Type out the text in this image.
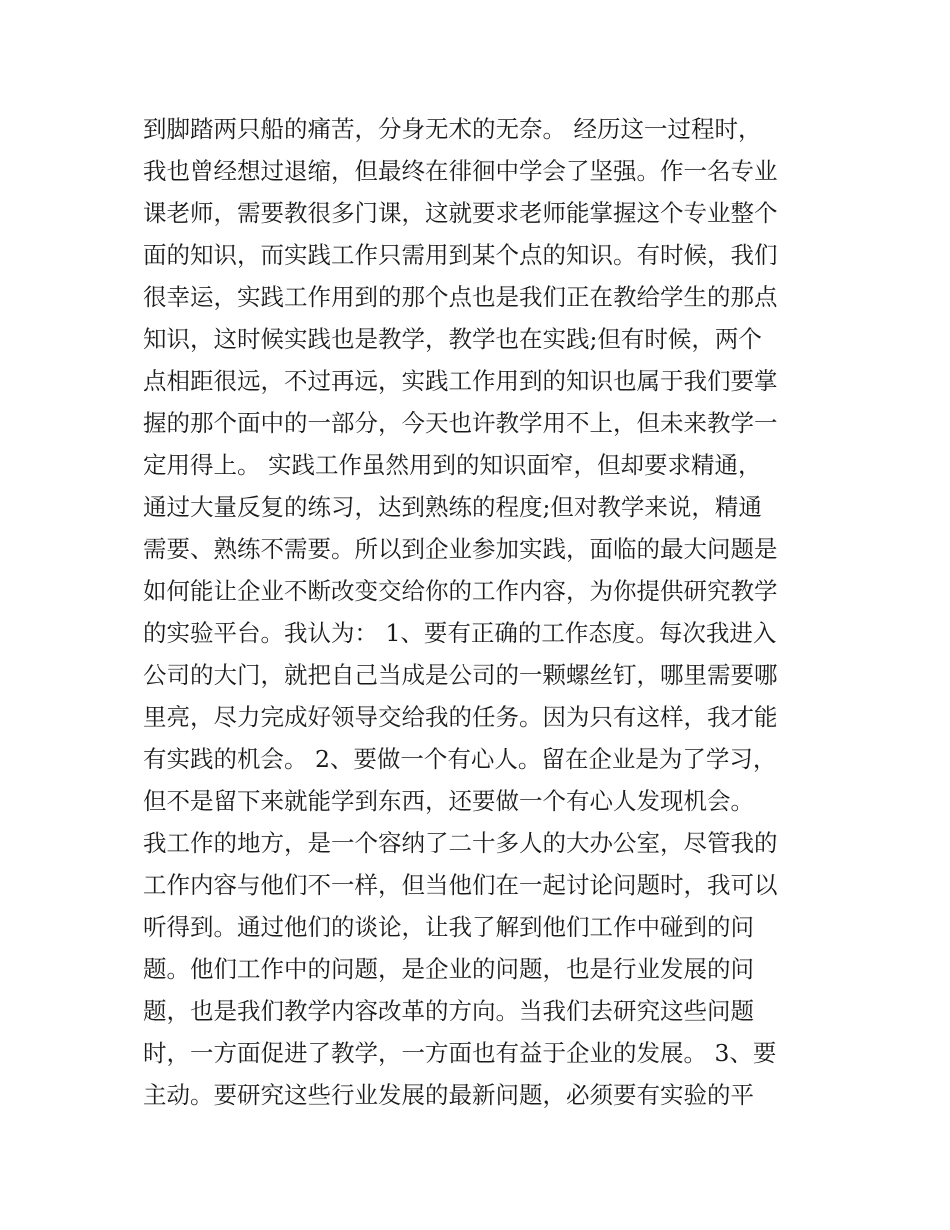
到脚踏两只船的痛苦，分身无术的无奈。 经历这一过程时，
我也曾经想过退缩，但最终在徘徊中学会了坚强。作一名专业
课老师，需要教很多门课，这就要求老师能掌握这个专业整个
面的知识，而实践工作只需用到某个点的知识。有时候，我们
很幸运，实践工作用到的那个点也是我们正在教给学生的那点
知识，这时候实践也是教学，教学也在实践;但有时候，两个
点相距很远，不过再远，实践工作用到的知识也属于我们要掌
握的那个面中的一部分，今天也许教学用不上，但未来教学一
定用得上。 实践工作虽然用到的知识面窄，但却要求精通，
通过大量反复的练习，达到熟练的程度;但对教学来说，精通
需要、熟练不需要。所以到企业参加实践，面临的最大问题是
如何能让企业不断改变交给你的工作内容，为你提供研究教学
的实验平台。我认为： 1、要有正确的工作态度。每次我进入
公司的大门，就把自己当成是公司的一颗螺丝钉，哪里需要哪
里亮，尽力完成好领导交给我的任务。因为只有这样，我才能
有实践的机会。 2、要做一个有心人。留在企业是为了学习，
但不是留下来就能学到东西，还要做一个有心人发现机会。
我工作的地方，是一个容纳了二十多人的大办公室，尽管我的
工作内容与他们不一样，但当他们在一起讨论问题时，我可以
听得到。通过他们的谈论，让我了解到他们工作中碰到的问
题。他们工作中的问题，是企业的问题，也是行业发展的问
题，也是我们教学内容改革的方向。当我们去研究这些问题
时，一方面促进了教学，一方面也有益于企业的发展。 3、要
主动。要研究这些行业发展的最新问题，必须要有实验的平
